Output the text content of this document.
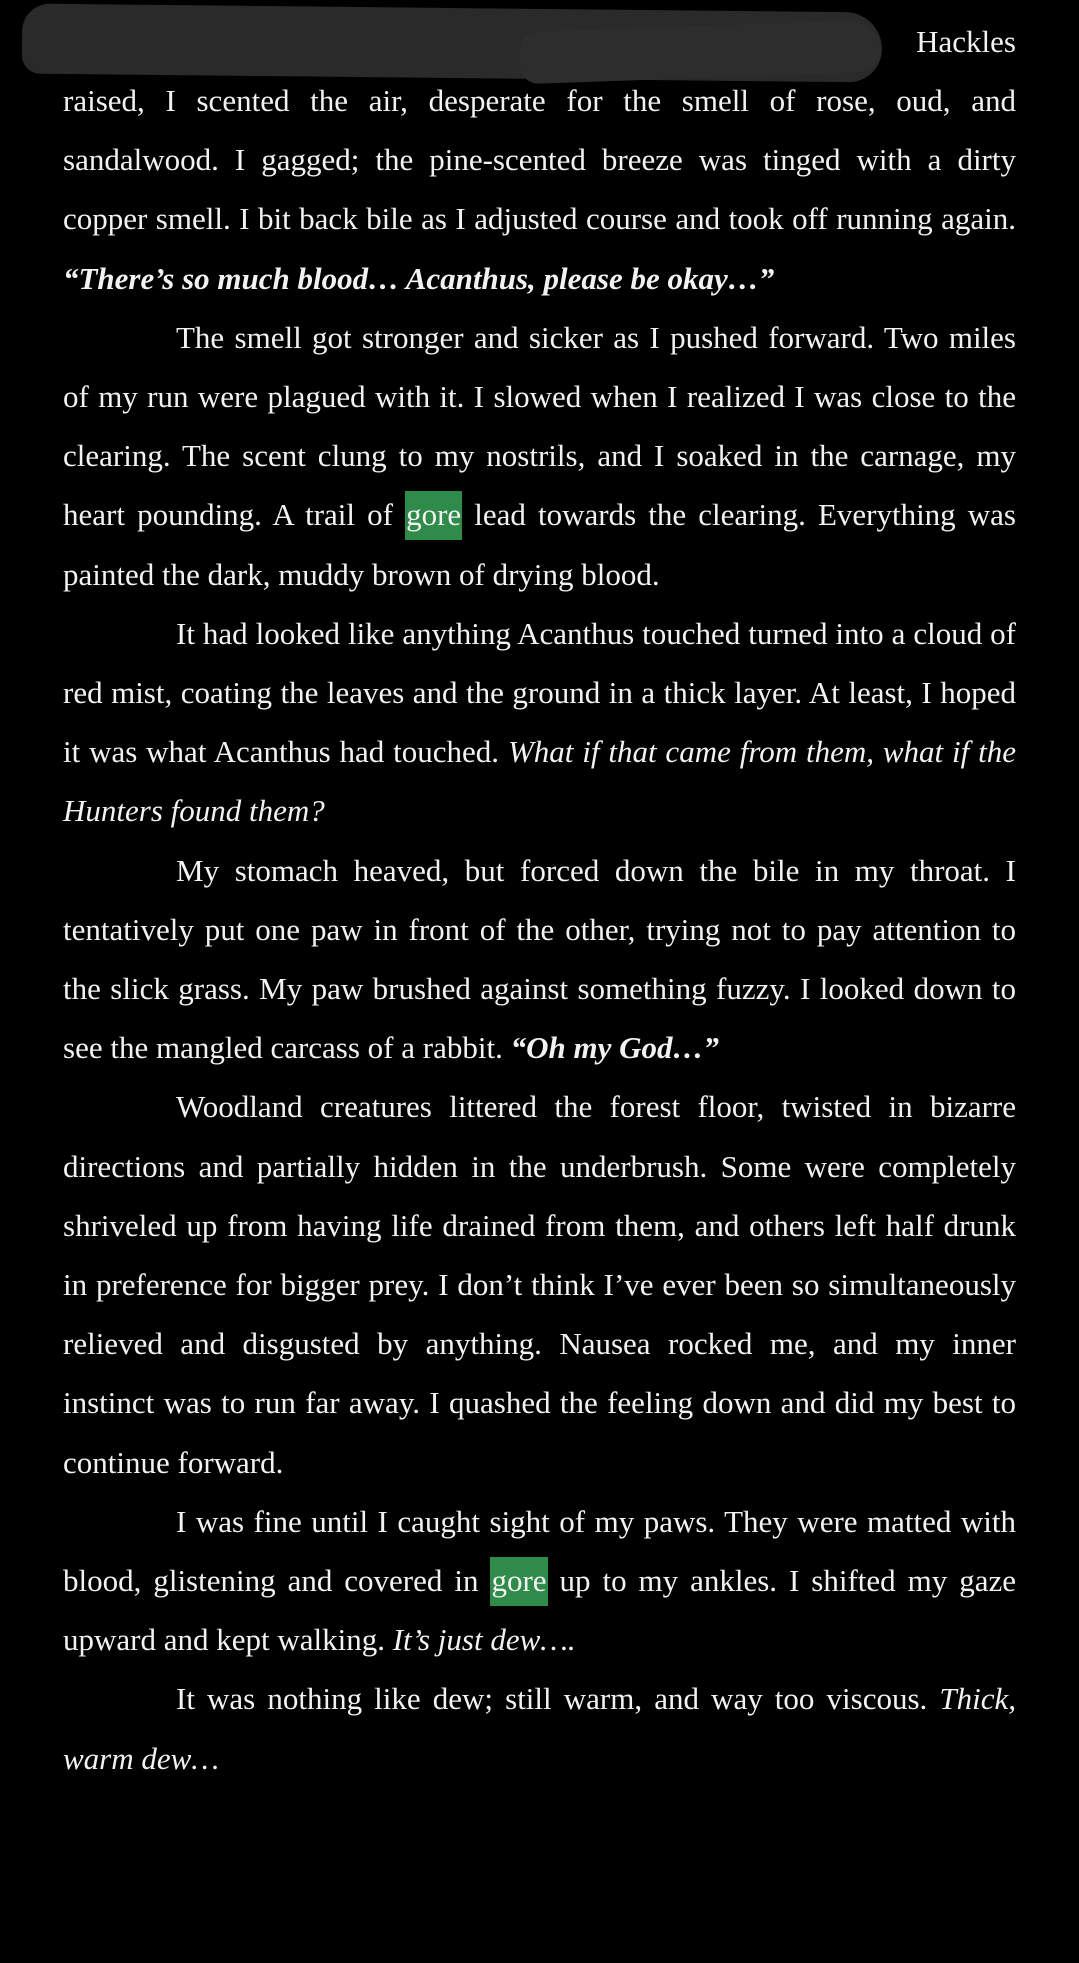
Hackles

raised, I scented the air, desperate for the smell of rose, oud, and sandalwood. I gagged; the pine-scented breeze was tinged with a dirty copper smell. I bit back bile as I adjusted course and took off running again. “There’s so much blood… Acanthus, please be okay…”

The smell got stronger and sicker as I pushed forward. Two miles of my run were plagued with it. I slowed when I realized I was close to the clearing. The scent clung to my nostrils, and I soaked in the carnage, my heart pounding. A trail of gore lead towards the clearing. Everything was painted the dark, muddy brown of drying blood.

It had looked like anything Acanthus touched turned into a cloud of red mist, coating the leaves and the ground in a thick layer. At least, I hoped it was what Acanthus had touched. What if that came from them, what if the Hunters found them?

My stomach heaved, but forced down the bile in my throat. I tentatively put one paw in front of the other, trying not to pay attention to the slick grass. My paw brushed against something fuzzy. I looked down to see the mangled carcass of a rabbit. “Oh my God…”

Woodland creatures littered the forest floor, twisted in bizarre directions and partially hidden in the underbrush. Some were completely shriveled up from having life drained from them, and others left half drunk in preference for bigger prey. I don’t think I’ve ever been so simultaneously relieved and disgusted by anything. Nausea rocked me, and my inner instinct was to run far away. I quashed the feeling down and did my best to continue forward.

I was fine until I caught sight of my paws. They were matted with blood, glistening and covered in gore up to my ankles. I shifted my gaze upward and kept walking. It’s just dew….

It was nothing like dew; still warm, and way too viscous. Thick, warm dew…
